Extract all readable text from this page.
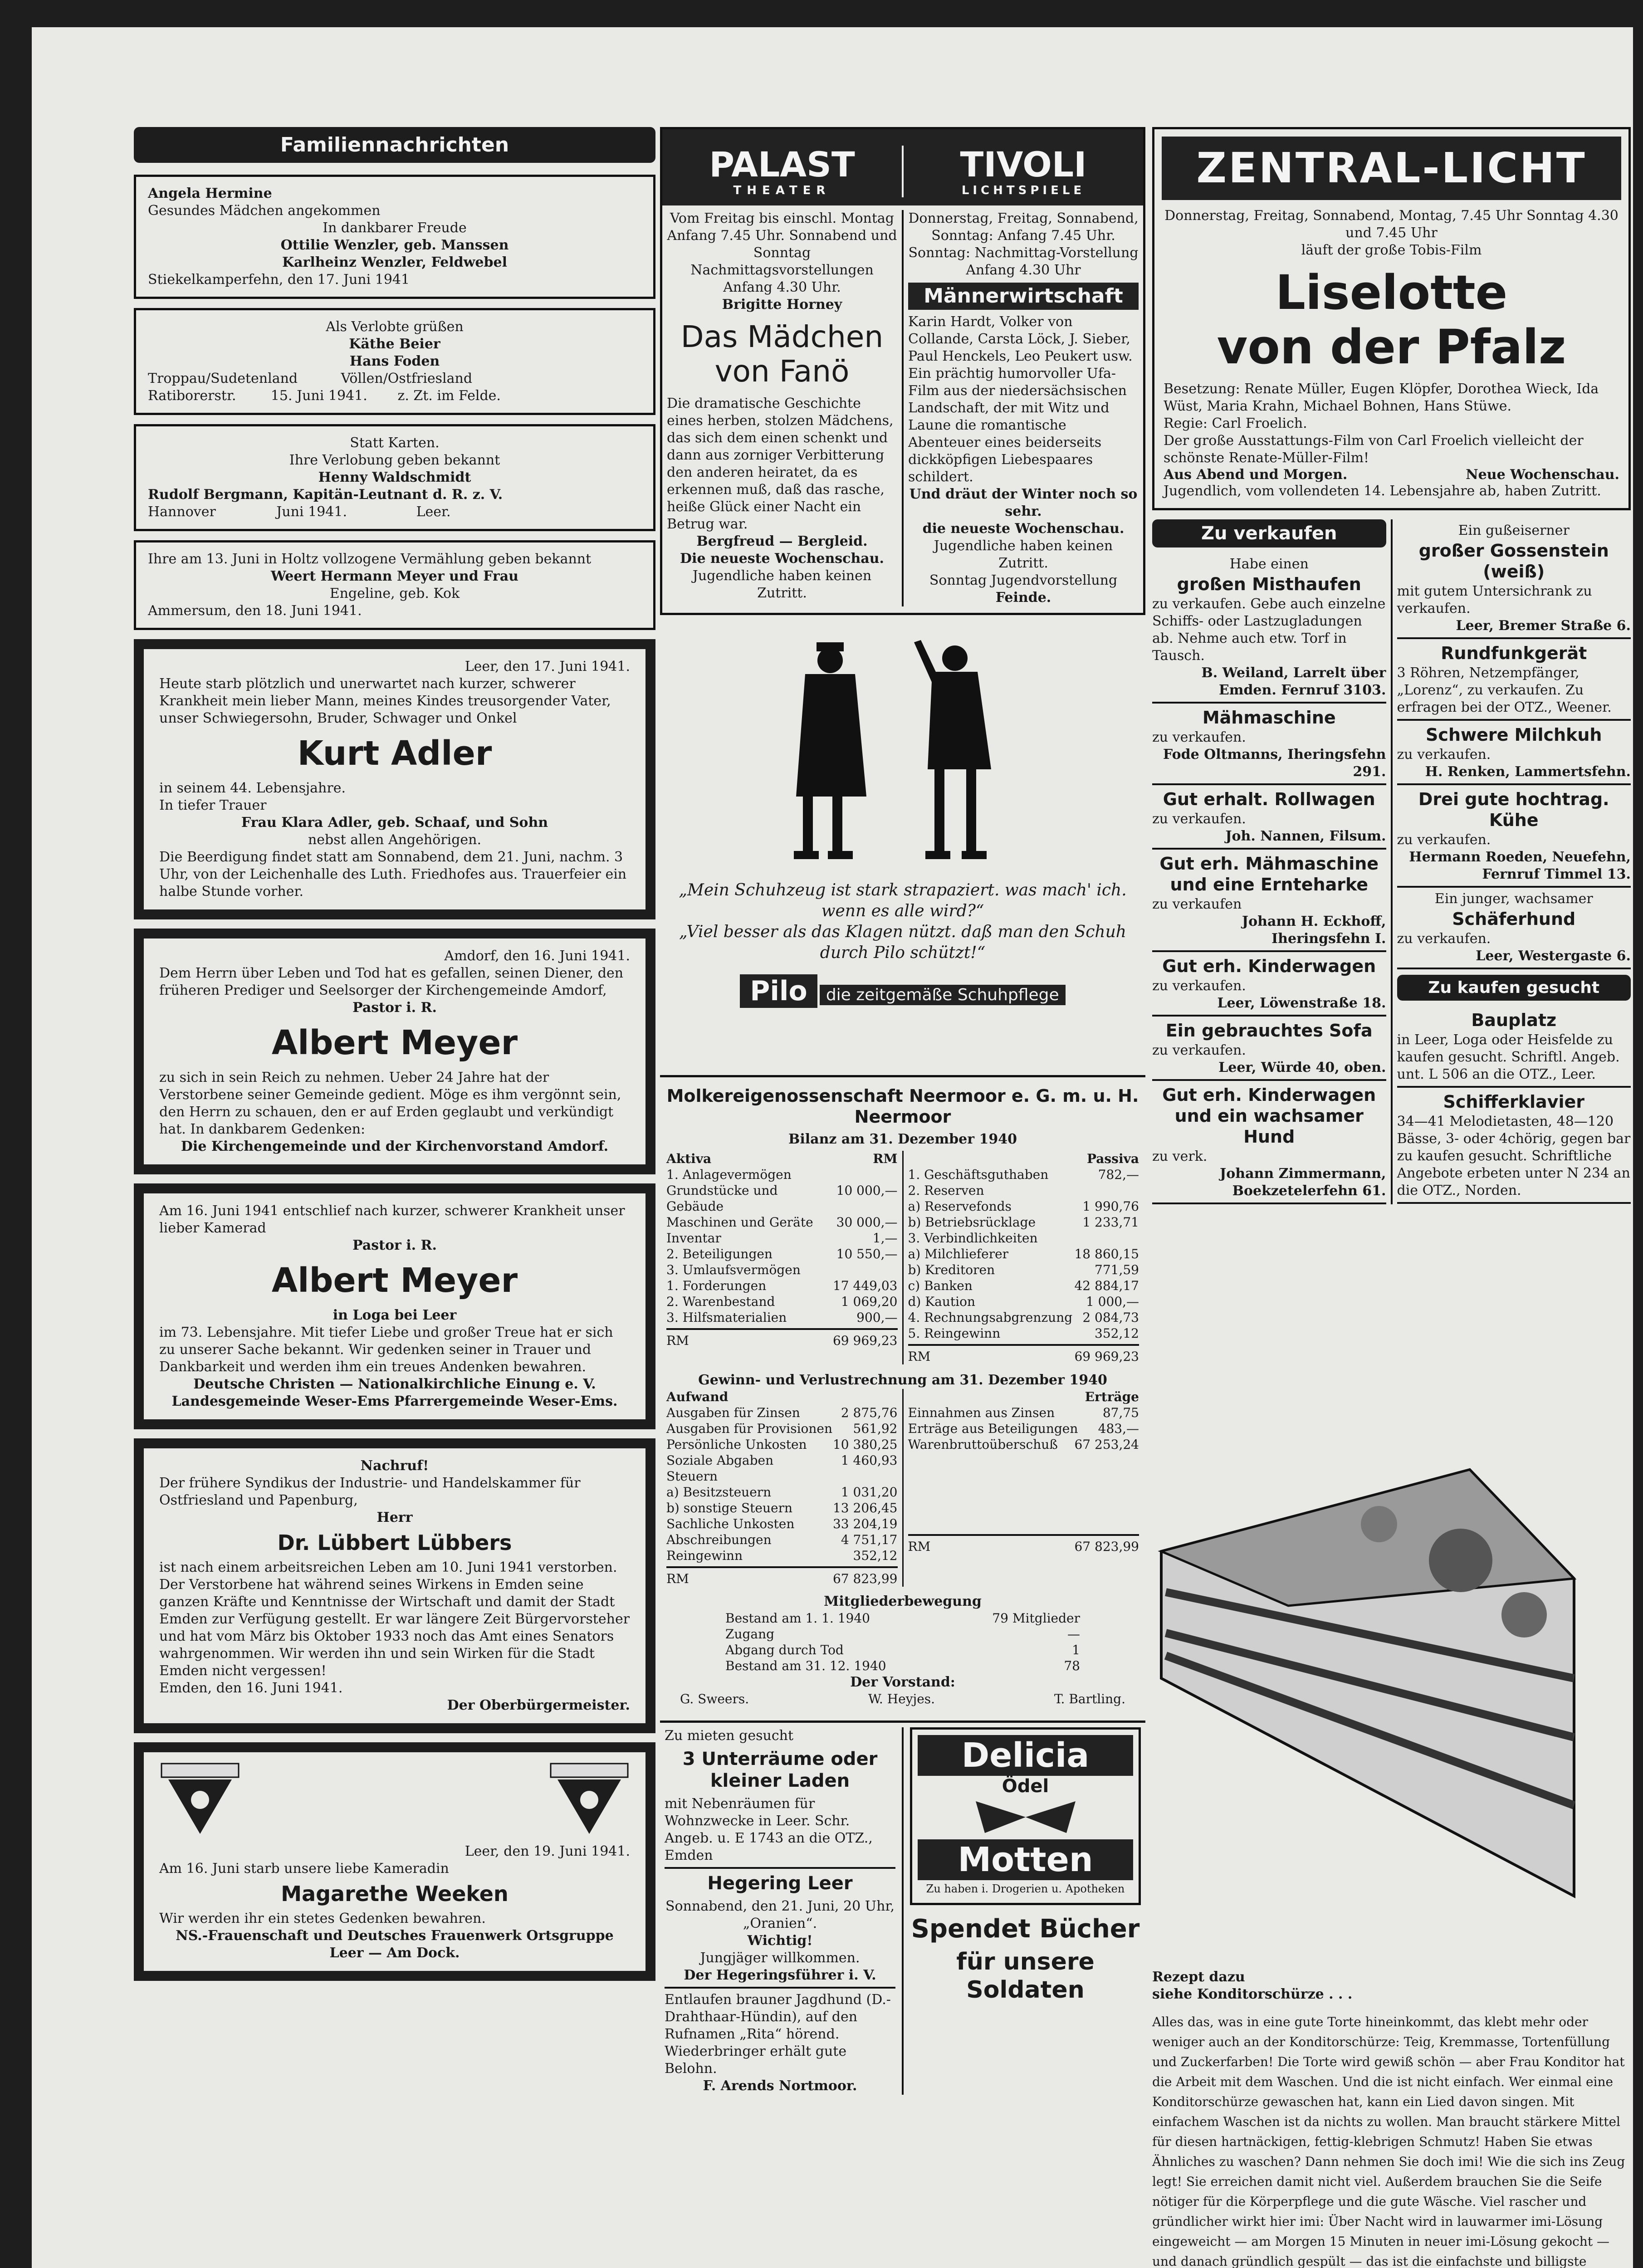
Familiennachrichten

Angela Hermine

Gesundes Mädchen angekommen

In dankbarer Freude

Ottilie Wenzler, geb. Manssen

Karlheinz Wenzler, Feldwebel

Stiekelkamperfehn, den 17. Juni 1941

Als Verlobte grüßen

Käthe Beier

Hans Foden

Troppau/Sudetenland          Völlen/Ostfriesland

Ratiborerstr.        15. Juni 1941.       z. Zt. im Felde.

Statt Karten.

Ihre Verlobung geben bekannt

Henny Waldschmidt

Rudolf Bergmann, Kapitän-Leutnant d. R. z. V.

Hannover              Juni 1941.                Leer.

Ihre am 13. Juni in Holtz vollzogene Vermählung geben bekannt

Weert Hermann Meyer und Frau

Engeline, geb. Kok

Ammersum, den 18. Juni 1941.

Leer, den 17. Juni 1941.

Heute starb plötzlich und unerwartet nach kurzer, schwerer Krankheit mein lieber Mann, meines Kindes treusorgender Vater, unser Schwiegersohn, Bruder, Schwager und Onkel

Kurt Adler

in seinem 44. Lebensjahre.

In tiefer Trauer

Frau Klara Adler, geb. Schaaf, und Sohn

nebst allen Angehörigen.

Die Beerdigung findet statt am Sonnabend, dem 21. Juni, nachm. 3 Uhr, von der Leichenhalle des Luth. Friedhofes aus. Trauerfeier ein halbe Stunde vorher.

Amdorf, den 16. Juni 1941.

Dem Herrn über Leben und Tod hat es gefallen, seinen Diener, den früheren Prediger und Seelsorger der Kirchengemeinde Amdorf,

Pastor i. R.

Albert Meyer

zu sich in sein Reich zu nehmen. Ueber 24 Jahre hat der Verstorbene seiner Gemeinde gedient. Möge es ihm vergönnt sein, den Herrn zu schauen, den er auf Erden geglaubt und verkündigt hat. In dankbarem Gedenken:

Die Kirchengemeinde und der Kirchenvorstand Amdorf.

Am 16. Juni 1941 entschlief nach kurzer, schwerer Krankheit unser lieber Kamerad

Pastor i. R.

Albert Meyer

in Loga bei Leer

im 73. Lebensjahre. Mit tiefer Liebe und großer Treue hat er sich zu unserer Sache bekannt. Wir gedenken seiner in Trauer und Dankbarkeit und werden ihm ein treues Andenken bewahren.

Deutsche Christen — Nationalkirchliche Einung e. V. Landesgemeinde Weser-Ems Pfarrergemeinde Weser-Ems.

Nachruf!

Der frühere Syndikus der Industrie- und Handelskammer für Ostfriesland und Papenburg,

Herr

Dr. Lübbert Lübbers

ist nach einem arbeitsreichen Leben am 10. Juni 1941 verstorben. Der Verstorbene hat während seines Wirkens in Emden seine ganzen Kräfte und Kenntnisse der Wirtschaft und damit der Stadt Emden zur Verfügung gestellt. Er war längere Zeit Bürgervorsteher und hat vom März bis Oktober 1933 noch das Amt eines Senators wahrgenommen. Wir werden ihn und sein Wirken für die Stadt Emden nicht vergessen!

Emden, den 16. Juni 1941.

Der Oberbürgermeister.

Leer, den 19. Juni 1941.

Am 16. Juni starb unsere liebe Kameradin

Magarethe Weeken

Wir werden ihr ein stetes Gedenken bewahren.

NS.-Frauenschaft und Deutsches Frauenwerk Ortsgruppe Leer — Am Dock.

PALAST
THEATER
TIVOLI
LICHTSPIELE

Vom Freitag bis einschl. Montag Anfang 7.45 Uhr. Sonnabend und Sonntag Nachmittagsvorstellungen Anfang 4.30 Uhr.

Brigitte Horney

Das Mädchen von Fanö

Die dramatische Geschichte eines herben, stolzen Mädchens, das sich dem einen schenkt und dann aus zorniger Verbitterung den anderen heiratet, da es erkennen muß, daß das rasche, heiße Glück einer Nacht ein Betrug war.

Bergfreud — Bergleid.

Die neueste Wochenschau.

Jugendliche haben keinen Zutritt.

Donnerstag, Freitag, Sonnabend, Sonntag: Anfang 7.45 Uhr. Sonntag: Nachmittag-Vorstellung Anfang 4.30 Uhr

Männerwirtschaft

Karin Hardt, Volker von Collande, Carsta Löck, J. Sieber, Paul Henckels, Leo Peukert usw.

Ein prächtig humorvoller Ufa-Film aus der niedersächsischen Landschaft, der mit Witz und Laune die romantische Abenteuer eines beiderseits dickköpfigen Liebespaares schildert.

Und dräut der Winter noch so sehr.

die neueste Wochenschau.

Jugendliche haben keinen Zutritt.

Sonntag Jugendvorstellung

Feinde.

„Mein Schuhzeug ist stark strapaziert. was mach' ich. wenn es alle wird?“

„Viel besser als das Klagen nützt. daß man den Schuh durch Pilo schützt!“

Pilo die zeitgemäße Schuhpflege
Molkereigenossenschaft Neermoor e. G. m. u. H. Neermoor

Bilanz am 31. Dezember 1940

Aktiva	RM
1. Anlagevermögen
Grundstücke und Gebäude
10 000,—
Maschinen und Geräte 30 000,—
Inventar	1,—
2. Beteiligungen	10 550,—
3. Umlaufsvermögen
1. Forderungen	17 449,03
2. Warenbestand	1 069,20
3. Hilfsmaterialien	900,—
RM	69 969,23
Passiva
1. Geschäftsguthaben	782,—
2. Reserven
a) Reservefonds	1 990,76
b) Betriebsrücklage	1 233,71
3. Verbindlichkeiten
a) Milchlieferer	18 860,15
b) Kreditoren	771,59
c) Banken	42 884,17
d) Kaution	1 000,—
4. Rechnungsabgrenzung 2 084,73
5. Reingewinn	352,12
RM	69 969,23

Gewinn- und Verlustrechnung am 31. Dezember 1940

Aufwand
Ausgaben für Zinsen	2 875,76
Ausgaben für Provisionen 561,92
Persönliche Unkosten 10 380,25
Soziale Abgaben	1 460,93
Steuern
a) Besitzsteuern	1 031,20
b) sonstige Steuern	13 206,45
Sachliche Unkosten	33 204,19
Abschreibungen	4 751,17
Reingewinn	352,12
RM	67 823,99
Erträge
Einnahmen aus Zinsen	87,75
Erträge aus Beteiligungen 483,—
Warenbruttoüberschuß 67 253,24
RM	67 823,99

Mitgliederbewegung

Bestand am 1. 1. 1940	79 Mitglieder
Zugang	—
Abgang durch Tod	1
Bestand am 31. 12. 1940	78

Der Vorstand:

G. Sweers.	W. Heyjes.	T. Bartling.

Zu mieten gesucht

3 Unterräume oder kleiner Laden

mit Nebenräumen für Wohnzwecke in Leer. Schr. Angeb. u. E 1743 an die OTZ., Emden

Hegering Leer

Sonnabend, den 21. Juni, 20 Uhr, „Oranien“.

Wichtig!

Jungjäger willkommen.

Der Hegeringsführer i. V.

Entlaufen brauner Jagdhund (D.-Drahthaar-Hündin), auf den Rufnamen „Rita“ hörend. Wiederbringer erhält gute Belohn.

F. Arends Nortmoor.

Delicia
Ödel
Motten

Zu haben i. Drogerien u. Apotheken

Spendet Bücher
für unsere Soldaten
ZENTRAL-LICHT

Donnerstag, Freitag, Sonnabend, Montag, 7.45 Uhr Sonntag 4.30 und 7.45 Uhr

läuft der große Tobis-Film

Liselotte
von der Pfalz

Besetzung: Renate Müller, Eugen Klöpfer, Dorothea Wieck, Ida Wüst, Maria Krahn, Michael Bohnen, Hans Stüwe.

Regie: Carl Froelich.

Der große Ausstattungs-Film von Carl Froelich vielleicht der schönste Renate-Müller-Film!

Aus Abend und Morgen.	Neue Wochenschau.

Jugendlich, vom vollendeten 14. Lebensjahre ab, haben Zutritt.

Zu verkaufen

Habe einen

großen Misthaufen

zu verkaufen. Gebe auch einzelne Schiffs- oder Lastzugladungen ab. Nehme auch etw. Torf in Tausch.

B. Weiland, Larrelt über Emden. Fernruf 3103.

Mähmaschine

zu verkaufen.

Fode Oltmanns, Iheringsfehn 291.

Gut erhalt. Rollwagen

zu verkaufen.

Joh. Nannen, Filsum.

Gut erh. Mähmaschine und eine Ernteharke

zu verkaufen

Johann H. Eckhoff, Iheringsfehn I.

Gut erh. Kinderwagen

zu verkaufen.

Leer, Löwenstraße 18.

Ein gebrauchtes Sofa

zu verkaufen.

Leer, Würde 40, oben.

Gut erh. Kinderwagen und ein wachsamer Hund

zu verk.

Johann Zimmermann, Boekzetelerfehn 61.

Ein gußeiserner

großer Gossenstein (weiß)

mit gutem Untersichrank zu verkaufen.

Leer, Bremer Straße 6.

Rundfunkgerät

3 Röhren, Netzempfänger, „Lorenz“, zu verkaufen. Zu erfragen bei der OTZ., Weener.

Schwere Milchkuh

zu verkaufen.

H. Renken, Lammertsfehn.

Drei gute hochtrag. Kühe

zu verkaufen.

Hermann Roeden, Neuefehn, Fernruf Timmel 13.

Ein junger, wachsamer

Schäferhund

zu verkaufen.

Leer, Westergaste 6.

Zu kaufen gesucht
Bauplatz

in Leer, Loga oder Heisfelde zu kaufen gesucht. Schriftl. Angeb. unt. L 506 an die OTZ., Leer.

Schifferklavier

34—41 Melodietasten, 48—120 Bässe, 3- oder 4chörig, gegen bar zu kaufen gesucht. Schriftliche Angebote erbeten unter N 234 an die OTZ., Norden.

Rezept dazu

siehe Konditorschürze . . .

Alles das, was in eine gute Torte hineinkommt, das klebt mehr oder weniger auch an der Konditorschürze: Teig, Kremmasse, Tortenfüllung und Zuckerfarben! Die Torte wird gewiß schön — aber Frau Konditor hat die Arbeit mit dem Waschen. Und die ist nicht einfach. Wer einmal eine Konditorschürze gewaschen hat, kann ein Lied davon singen. Mit einfachem Waschen ist da nichts zu wollen. Man braucht stärkere Mittel für diesen hartnäckigen, fettig-klebrigen Schmutz! Haben Sie etwas Ähnliches zu waschen? Dann nehmen Sie doch imi! Wie die sich ins Zeug legt! Sie erreichen damit nicht viel. Außerdem brauchen Sie die Seife nötiger für die Körperpflege und die gute Wäsche. Viel rascher und gründlicher wirkt hier imi: Über Nacht wird in lauwarmer imi-Lösung eingeweicht — am Morgen 15 Minuten in neuer imi-Lösung gekocht — und danach gründlich gespült — das ist die einfachste und billigste
